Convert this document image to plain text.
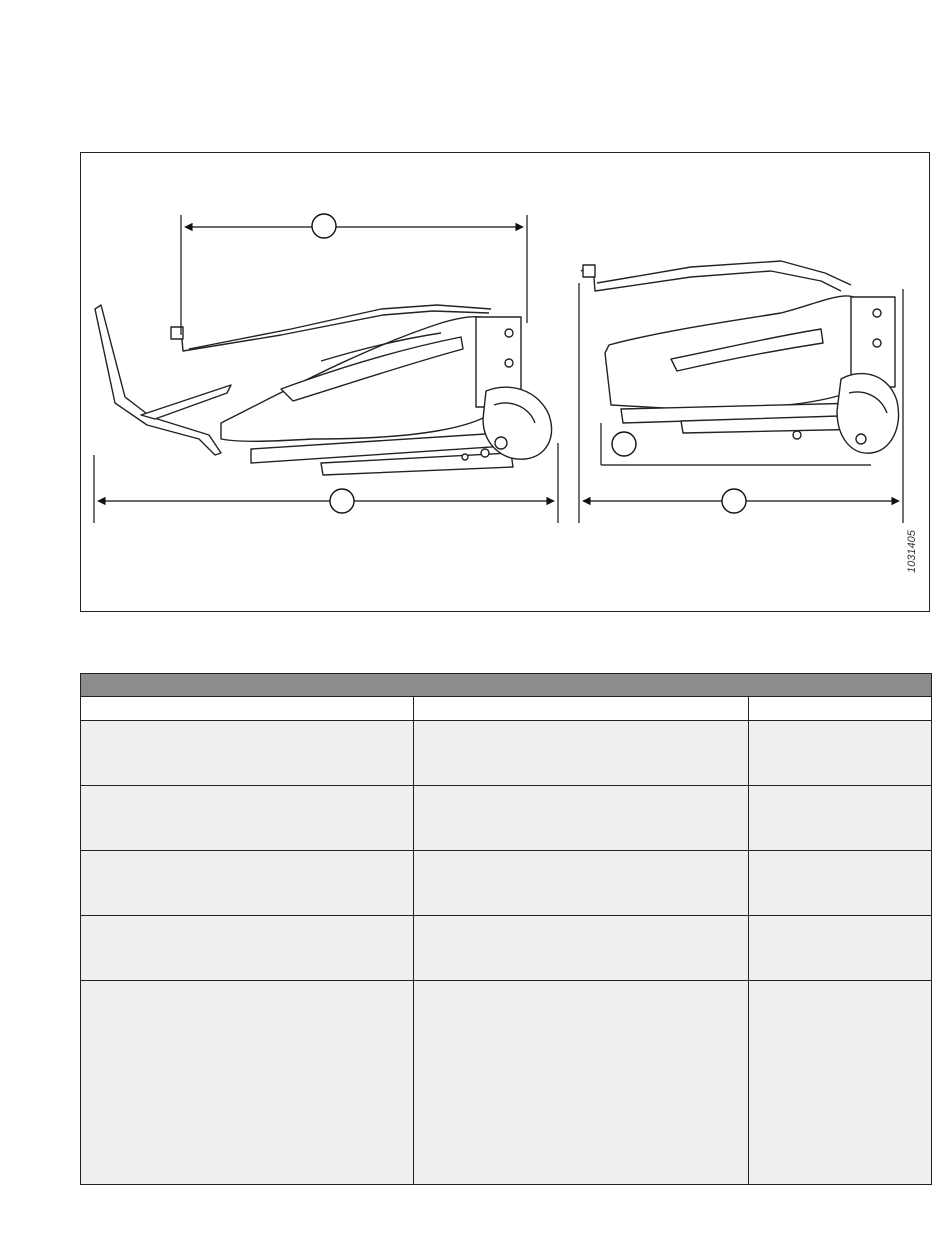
1031405
